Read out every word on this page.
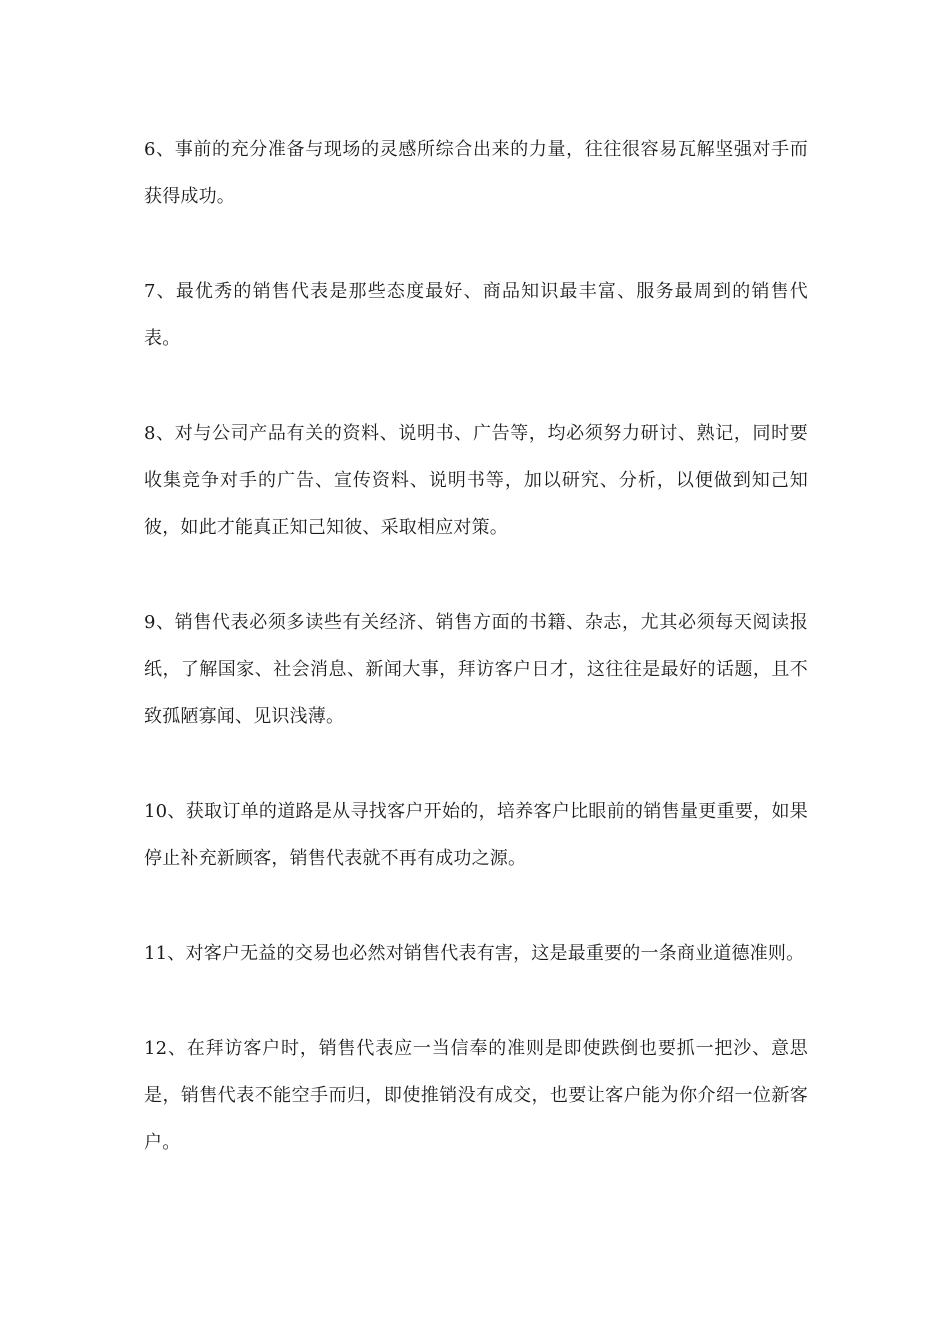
6、事前的充分准备与现场的灵感所综合出来的力量，往往很容易瓦解坚强对手而获得成功。

7、最优秀的销售代表是那些态度最好、商品知识最丰富、服务最周到的销售代表。

8、对与公司产品有关的资料、说明书、广告等，均必须努力研讨、熟记，同时要收集竞争对手的广告、宣传资料、说明书等，加以研究、分析，以便做到知己知彼，如此才能真正知己知彼、采取相应对策。

9、销售代表必须多读些有关经济、销售方面的书籍、杂志，尤其必须每天阅读报纸，了解国家、社会消息、新闻大事，拜访客户日才，这往往是最好的话题，且不致孤陋寡闻、见识浅薄。

10、获取订单的道路是从寻找客户开始的，培养客户比眼前的销售量更重要，如果停止补充新顾客，销售代表就不再有成功之源。

11、对客户无益的交易也必然对销售代表有害，这是最重要的一条商业道德准则。

12、在拜访客户时，销售代表应一当信奉的准则是即使跌倒也要抓一把沙、意思是，销售代表不能空手而归，即使推销没有成交，也要让客户能为你介绍一位新客户。
